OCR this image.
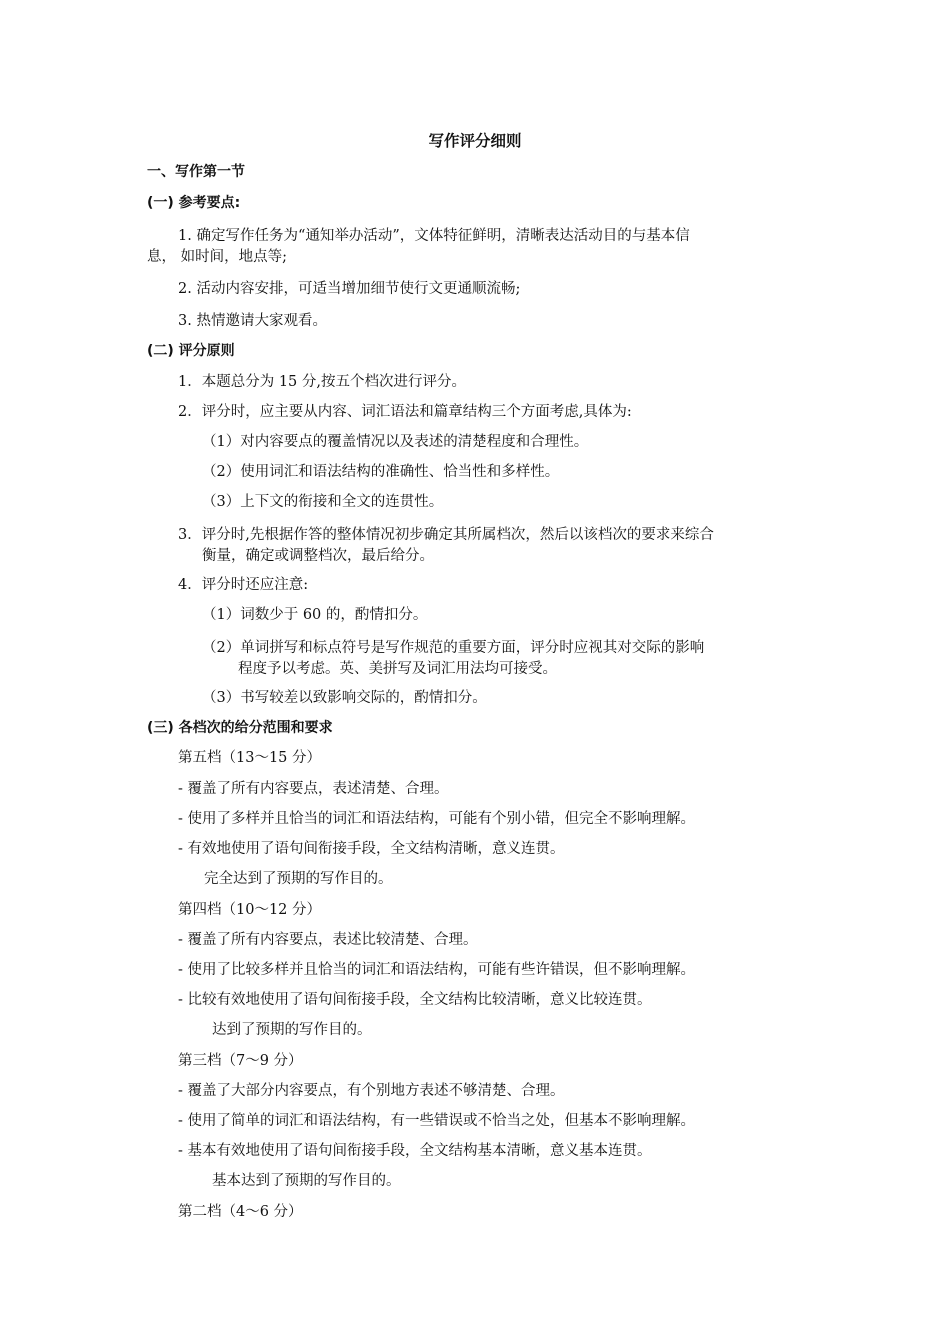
写作评分细则
一、写作第一节
(一) 参考要点:
1. 确定写作任务为“通知举办活动”，文体特征鲜明，清晰表达活动目的与基本信
息， 如时间，地点等;
2. 活动内容安排，可适当增加细节使行文更通顺流畅;
3. 热情邀请大家观看。
(二) 评分原则
1．本题总分为 15 分,按五个档次进行评分。
2．评分时，应主要从内容、词汇语法和篇章结构三个方面考虑,具体为:
（1）对内容要点的覆盖情况以及表述的清楚程度和合理性。
（2）使用词汇和语法结构的准确性、恰当性和多样性。
（3）上下文的衔接和全文的连贯性。
3．评分时,先根据作答的整体情况初步确定其所属档次，然后以该档次的要求来综合
衡量，确定或调整档次，最后给分。
4．评分时还应注意:
（1）词数少于 60 的，酌情扣分。
（2）单词拼写和标点符号是写作规范的重要方面，评分时应视其对交际的影响
程度予以考虑。英、美拼写及词汇用法均可接受。
（3）书写较差以致影响交际的，酌情扣分。
(三) 各档次的给分范围和要求
第五档（13～15 分）
- 覆盖了所有内容要点，表述清楚、合理。
- 使用了多样并且恰当的词汇和语法结构，可能有个别小错，但完全不影响理解。
- 有效地使用了语句间衔接手段，全文结构清晰，意义连贯。
完全达到了预期的写作目的。
第四档（10～12 分）
- 覆盖了所有内容要点，表述比较清楚、合理。
- 使用了比较多样并且恰当的词汇和语法结构，可能有些许错误，但不影响理解。
- 比较有效地使用了语句间衔接手段，全文结构比较清晰，意义比较连贯。
达到了预期的写作目的。
第三档（7～9 分）
- 覆盖了大部分内容要点，有个别地方表述不够清楚、合理。
- 使用了简单的词汇和语法结构，有一些错误或不恰当之处，但基本不影响理解。
- 基本有效地使用了语句间衔接手段，全文结构基本清晰，意义基本连贯。
基本达到了预期的写作目的。
第二档（4～6 分）
